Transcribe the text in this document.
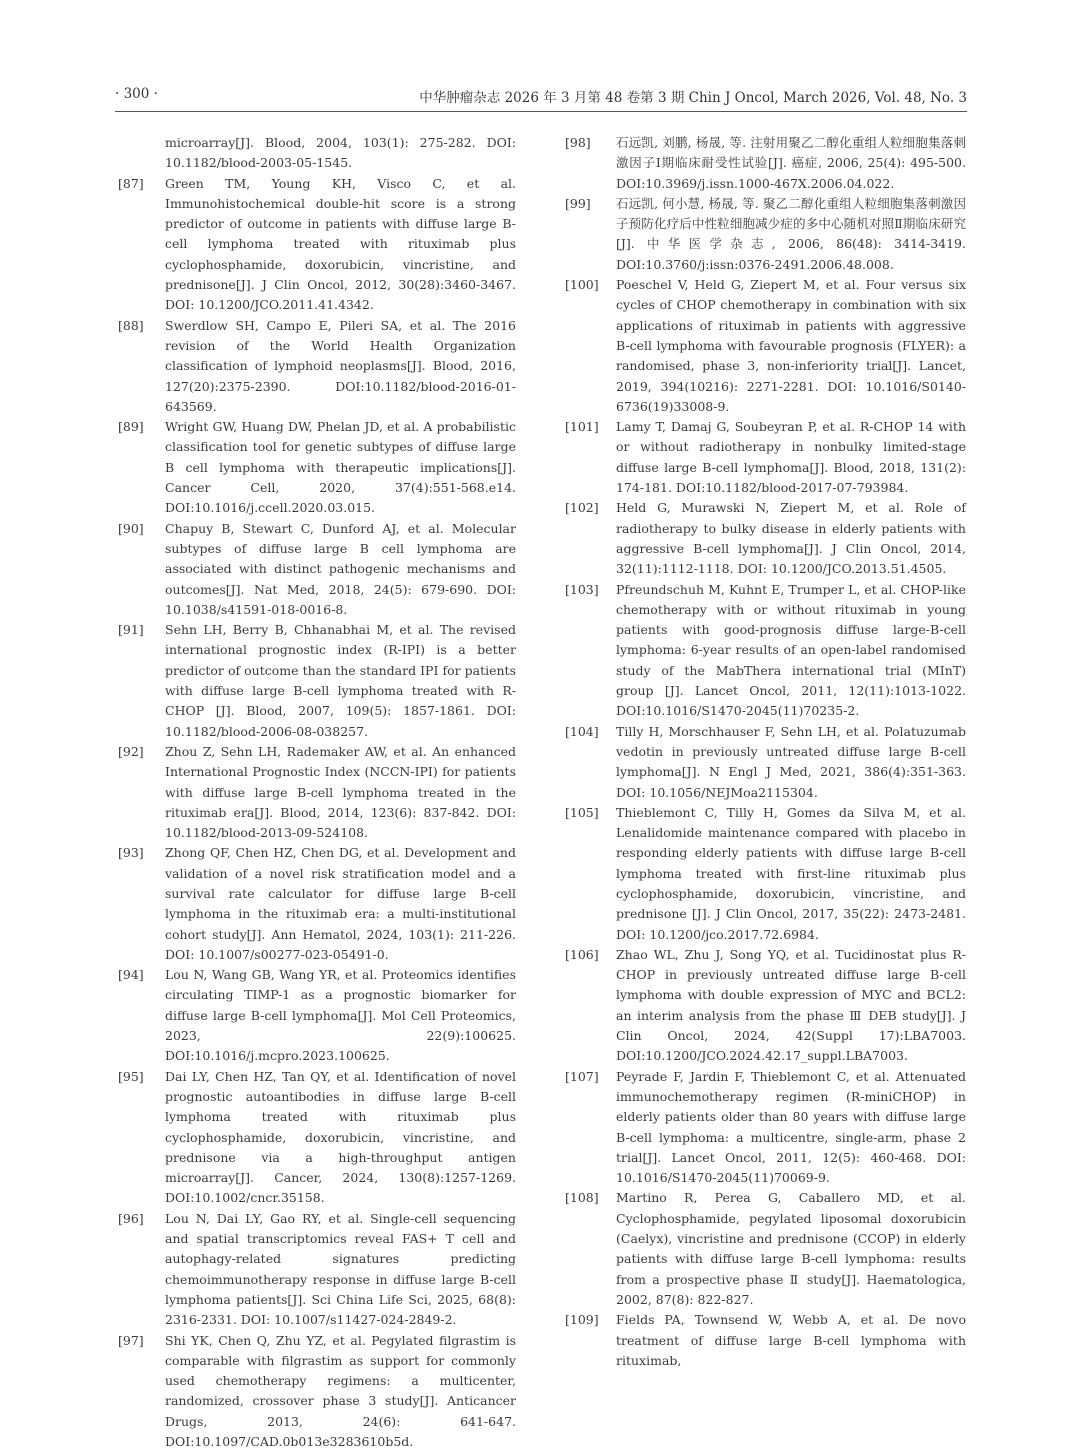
· 300 ·	中华肿瘤杂志 2026 年 3 月第 48 卷第 3 期 Chin J Oncol, March 2026, Vol. 48, No. 3
microarray[J]. Blood, 2004, 103(1): 275-282. DOI: 10.1182/blood-2003-05-1545.
[87] Green TM, Young KH, Visco C, et al. Immunohistochemical double-hit score is a strong predictor of outcome in patients with diffuse large B-cell lymphoma treated with rituximab plus cyclophosphamide, doxorubicin, vincristine, and prednisone[J]. J Clin Oncol, 2012, 30(28):3460-3467. DOI: 10.1200/JCO.2011.41.4342.
[88] Swerdlow SH, Campo E, Pileri SA, et al. The 2016 revision of the World Health Organization classification of lymphoid neoplasms[J]. Blood, 2016, 127(20):2375-2390. DOI:10.1182/blood-2016-01-643569.
[89] Wright GW, Huang DW, Phelan JD, et al. A probabilistic classification tool for genetic subtypes of diffuse large B cell lymphoma with therapeutic implications[J]. Cancer Cell, 2020, 37(4):551-568.e14. DOI:10.1016/j.ccell.2020.03.015.
[90] Chapuy B, Stewart C, Dunford AJ, et al. Molecular subtypes of diffuse large B cell lymphoma are associated with distinct pathogenic mechanisms and outcomes[J]. Nat Med, 2018, 24(5): 679-690. DOI: 10.1038/s41591-018-0016-8.
[91] Sehn LH, Berry B, Chhanabhai M, et al. The revised international prognostic index (R-IPI) is a better predictor of outcome than the standard IPI for patients with diffuse large B-cell lymphoma treated with R-CHOP [J]. Blood, 2007, 109(5): 1857-1861. DOI: 10.1182/blood-2006-08-038257.
[92] Zhou Z, Sehn LH, Rademaker AW, et al. An enhanced International Prognostic Index (NCCN-IPI) for patients with diffuse large B-cell lymphoma treated in the rituximab era[J]. Blood, 2014, 123(6): 837-842. DOI: 10.1182/blood-2013-09-524108.
[93] Zhong QF, Chen HZ, Chen DG, et al. Development and validation of a novel risk stratification model and a survival rate calculator for diffuse large B-cell lymphoma in the rituximab era: a multi-institutional cohort study[J]. Ann Hematol, 2024, 103(1): 211-226. DOI: 10.1007/s00277-023-05491-0.
[94] Lou N, Wang GB, Wang YR, et al. Proteomics identifies circulating TIMP-1 as a prognostic biomarker for diffuse large B-cell lymphoma[J]. Mol Cell Proteomics, 2023, 22(9):100625. DOI:10.1016/j.mcpro.2023.100625.
[95] Dai LY, Chen HZ, Tan QY, et al. Identification of novel prognostic autoantibodies in diffuse large B-cell lymphoma treated with rituximab plus cyclophosphamide, doxorubicin, vincristine, and prednisone via a high-throughput antigen microarray[J]. Cancer, 2024, 130(8):1257-1269. DOI:10.1002/cncr.35158.
[96] Lou N, Dai LY, Gao RY, et al. Single-cell sequencing and spatial transcriptomics reveal FAS+ T cell and autophagy-related signatures predicting chemoimmunotherapy response in diffuse large B-cell lymphoma patients[J]. Sci China Life Sci, 2025, 68(8): 2316-2331. DOI: 10.1007/s11427-024-2849-2.
[97] Shi YK, Chen Q, Zhu YZ, et al. Pegylated filgrastim is comparable with filgrastim as support for commonly used chemotherapy regimens: a multicenter, randomized, crossover phase 3 study[J]. Anticancer Drugs, 2013, 24(6): 641-647. DOI:10.1097/CAD.0b013e3283610b5d.
[98] 石远凯, 刘鹏, 杨晟, 等. 注射用聚乙二醇化重组人粒细胞集落刺激因子Ⅰ期临床耐受性试验[J]. 癌症, 2006, 25(4): 495-500. DOI:10.3969/j.issn.1000-467X.2006.04.022.
[99] 石远凯, 何小慧, 杨晟, 等. 聚乙二醇化重组人粒细胞集落刺激因子预防化疗后中性粒细胞减少症的多中心随机对照Ⅱ期临床研究[J]. 中华医学杂志, 2006, 86(48): 3414-3419. DOI:10.3760/j:issn:0376-2491.2006.48.008.
[100] Poeschel V, Held G, Ziepert M, et al. Four versus six cycles of CHOP chemotherapy in combination with six applications of rituximab in patients with aggressive B-cell lymphoma with favourable prognosis (FLYER): a randomised, phase 3, non-inferiority trial[J]. Lancet, 2019, 394(10216): 2271-2281. DOI: 10.1016/S0140-6736(19)33008-9.
[101] Lamy T, Damaj G, Soubeyran P, et al. R-CHOP 14 with or without radiotherapy in nonbulky limited-stage diffuse large B-cell lymphoma[J]. Blood, 2018, 131(2): 174-181. DOI:10.1182/blood-2017-07-793984.
[102] Held G, Murawski N, Ziepert M, et al. Role of radiotherapy to bulky disease in elderly patients with aggressive B-cell lymphoma[J]. J Clin Oncol, 2014, 32(11):1112-1118. DOI: 10.1200/JCO.2013.51.4505.
[103] Pfreundschuh M, Kuhnt E, Trumper L, et al. CHOP-like chemotherapy with or without rituximab in young patients with good-prognosis diffuse large-B-cell lymphoma: 6-year results of an open-label randomised study of the MabThera international trial (MInT) group [J]. Lancet Oncol, 2011, 12(11):1013-1022. DOI:10.1016/S1470-2045(11)70235-2.
[104] Tilly H, Morschhauser F, Sehn LH, et al. Polatuzumab vedotin in previously untreated diffuse large B-cell lymphoma[J]. N Engl J Med, 2021, 386(4):351-363. DOI: 10.1056/NEJMoa2115304.
[105] Thieblemont C, Tilly H, Gomes da Silva M, et al. Lenalidomide maintenance compared with placebo in responding elderly patients with diffuse large B-cell lymphoma treated with first-line rituximab plus cyclophosphamide, doxorubicin, vincristine, and prednisone [J]. J Clin Oncol, 2017, 35(22): 2473-2481. DOI: 10.1200/jco.2017.72.6984.
[106] Zhao WL, Zhu J, Song YQ, et al. Tucidinostat plus R-CHOP in previously untreated diffuse large B-cell lymphoma with double expression of MYC and BCL2: an interim analysis from the phase Ⅲ DEB study[J]. J Clin Oncol, 2024, 42(Suppl 17):LBA7003. DOI:10.1200/JCO.2024.42.17_suppl.LBA7003.
[107] Peyrade F, Jardin F, Thieblemont C, et al. Attenuated immunochemotherapy regimen (R-miniCHOP) in elderly patients older than 80 years with diffuse large B-cell lymphoma: a multicentre, single-arm, phase 2 trial[J]. Lancet Oncol, 2011, 12(5): 460-468. DOI: 10.1016/S1470-2045(11)70069-9.
[108] Martino R, Perea G, Caballero MD, et al. Cyclophosphamide, pegylated liposomal doxorubicin (Caelyx), vincristine and prednisone (CCOP) in elderly patients with diffuse large B-cell lymphoma: results from a prospective phase Ⅱ study[J]. Haematologica, 2002, 87(8): 822-827.
[109] Fields PA, Townsend W, Webb A, et al. De novo treatment of diffuse large B-cell lymphoma with rituximab,
